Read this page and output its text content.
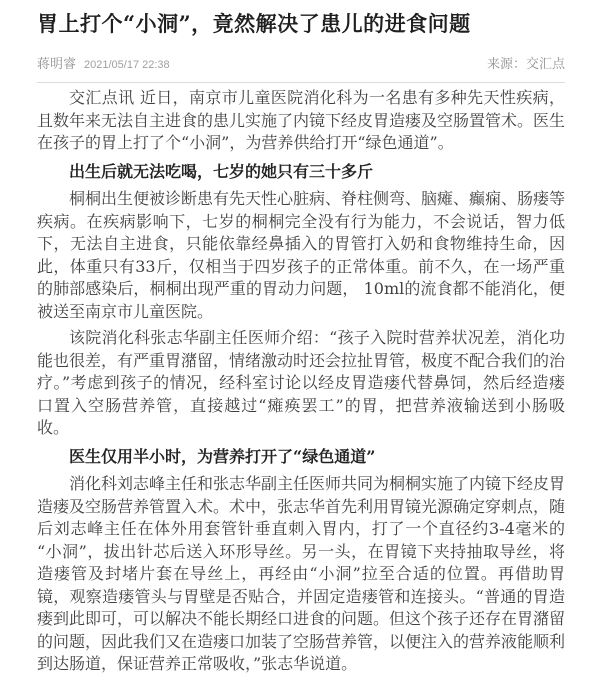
胃上打个“小洞”，竟然解决了患儿的进食问题
蒋明睿 2021/05/17 22:38	来源：交汇点

交汇点讯 近日，南京市儿童医院消化科为一名患有多种先天性疾病，且数年来无法自主进食的患儿实施了内镜下经皮胃造瘘及空肠置管术。医生在孩子的胃上打了个“小洞”，为营养供给打开“绿色通道”。

出生后就无法吃喝，七岁的她只有三十多斤

桐桐出生便被诊断患有先天性心脏病、脊柱侧弯、脑瘫、癫痫、肠瘘等疾病。在疾病影响下，七岁的桐桐完全没有行为能力，不会说话，智力低下，无法自主进食，只能依靠经鼻插入的胃管打入奶和食物维持生命，因此，体重只有33斤，仅相当于四岁孩子的正常体重。前不久，在一场严重的肺部感染后，桐桐出现严重的胃动力问题， 10ml的流食都不能消化，便被送至南京市儿童医院。

该院消化科张志华副主任医师介绍：“孩子入院时营养状况差，消化功能也很差，有严重胃潴留，情绪激动时还会拉扯胃管，极度不配合我们的治疗。”考虑到孩子的情况，经科室讨论以经皮胃造瘘代替鼻饲，然后经造瘘口置入空肠营养管，直接越过“瘫痪罢工”的胃，把营养液输送到小肠吸收。

医生仅用半小时，为营养打开了“绿色通道”

消化科刘志峰主任和张志华副主任医师共同为桐桐实施了内镜下经皮胃造瘘及空肠营养管置入术。术中，张志华首先利用胃镜光源确定穿刺点，随后刘志峰主任在体外用套管针垂直刺入胃内，打了一个直径约3-4毫米的“小洞”，拔出针芯后送入环形导丝。另一头，在胃镜下夹持抽取导丝，将造瘘管及封堵片套在导丝上，再经由“小洞”拉至合适的位置。再借助胃镜，观察造瘘管头与胃壁是否贴合，并固定造瘘管和连接头。“普通的胃造瘘到此即可，可以解决不能长期经口进食的问题。但这个孩子还存在胃潴留的问题，因此我们又在造瘘口加装了空肠营养管，以便注入的营养液能顺利到达肠道，保证营养正常吸收，”张志华说道。
